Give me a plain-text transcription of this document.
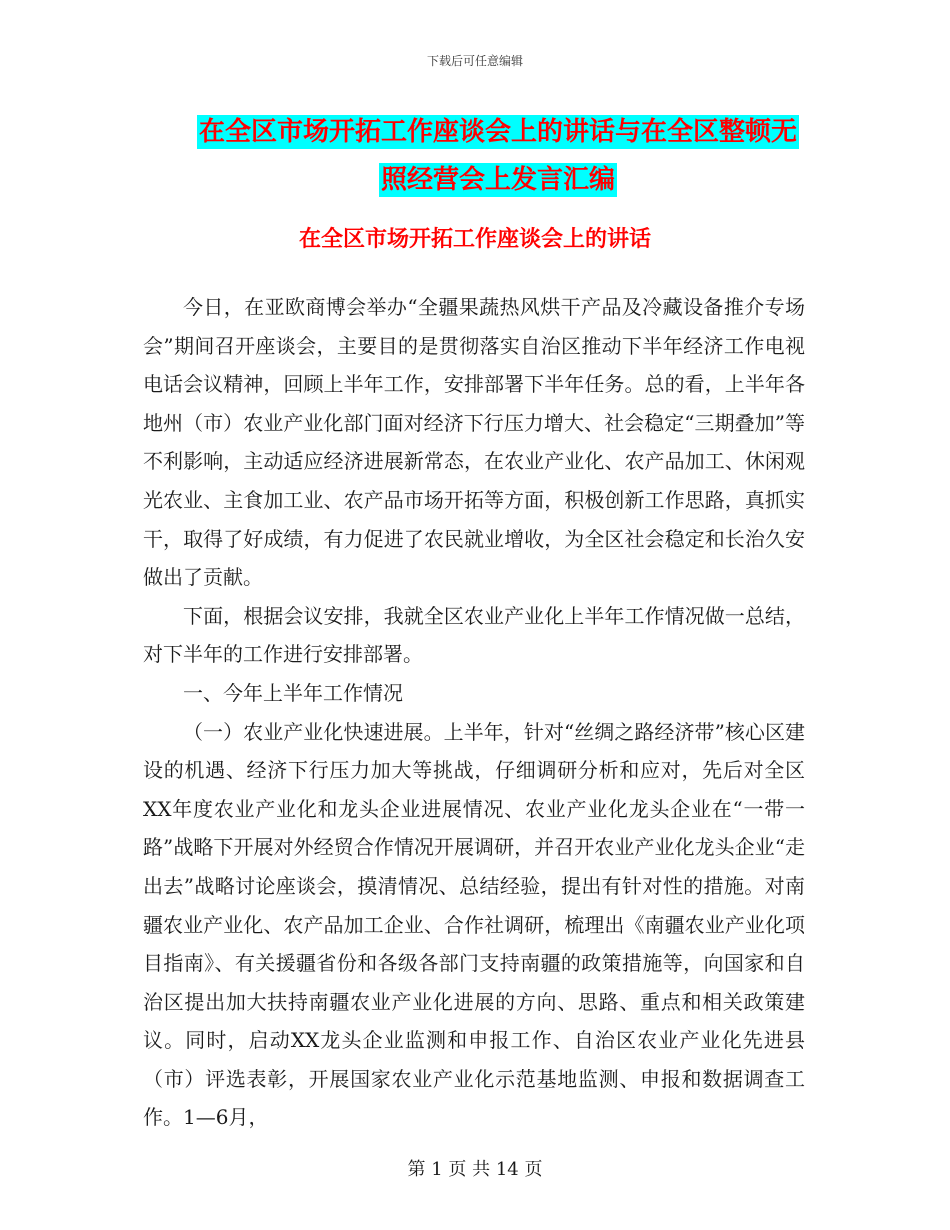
下载后可任意编辑
在全区市场开拓工作座谈会上的讲话与在全区整顿无照经营会上发言汇编
在全区市场开拓工作座谈会上的讲话

今日，在亚欧商博会举办“全疆果蔬热风烘干产品及冷藏设备推介专场会”期间召开座谈会，主要目的是贯彻落实自治区推动下半年经济工作电视电话会议精神，回顾上半年工作，安排部署下半年任务。总的看，上半年各地州（市）农业产业化部门面对经济下行压力增大、社会稳定“三期叠加”等不利影响，主动适应经济进展新常态，在农业产业化、农产品加工、休闲观光农业、主食加工业、农产品市场开拓等方面，积极创新工作思路，真抓实干，取得了好成绩，有力促进了农民就业增收，为全区社会稳定和长治久安做出了贡献。

下面，根据会议安排，我就全区农业产业化上半年工作情况做一总结，对下半年的工作进行安排部署。

一、今年上半年工作情况

（一）农业产业化快速进展。上半年，针对“丝绸之路经济带”核心区建设的机遇、经济下行压力加大等挑战，仔细调研分析和应对，先后对全区XX年度农业产业化和龙头企业进展情况、农业产业化龙头企业在“一带一路”战略下开展对外经贸合作情况开展调研，并召开农业产业化龙头企业“走出去”战略讨论座谈会，摸清情况、总结经验，提出有针对性的措施。对南疆农业产业化、农产品加工企业、合作社调研，梳理出《南疆农业产业化项目指南》、有关援疆省份和各级各部门支持南疆的政策措施等，向国家和自治区提出加大扶持南疆农业产业化进展的方向、思路、重点和相关政策建议。同时，启动XX龙头企业监测和申报工作、自治区农业产业化先进县（市）评选表彰，开展国家农业产业化示范基地监测、申报和数据调查工作。1—6月，

第 1 页 共 14 页
